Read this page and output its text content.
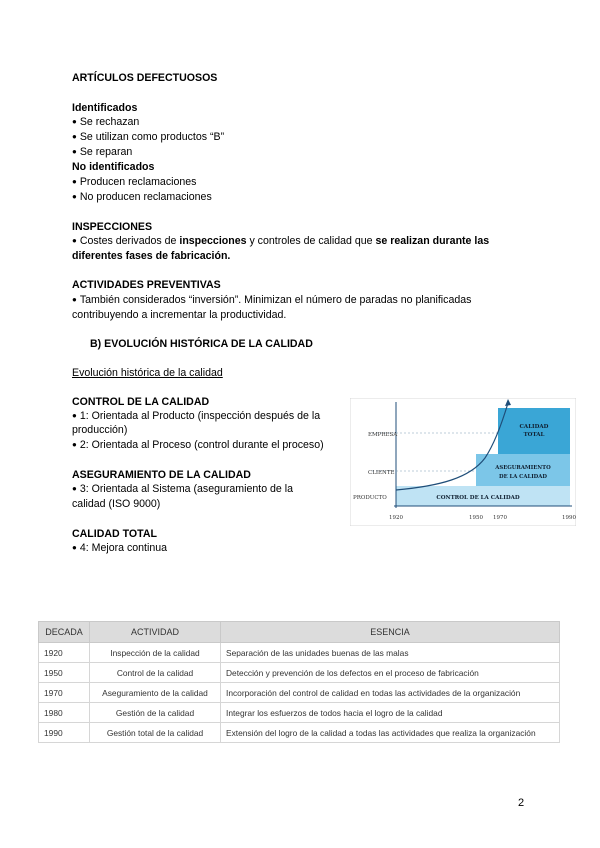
ARTÍCULOS DEFECTUOSOS
Identificados
● Se rechazan
● Se utilizan como productos “B”
● Se reparan
No identificados
● Producen reclamaciones
● No producen reclamaciones
INSPECCIONES
● Costes derivados de inspecciones y controles de calidad que se realizan durante las
diferentes fases de fabricación.
ACTIVIDADES PREVENTIVAS
● También considerados “inversión”. Minimizan el número de paradas no planificadas
contribuyendo a incrementar la productividad.
B) EVOLUCIÓN HISTÓRICA DE LA CALIDAD
Evolución histórica de la calidad
CONTROL DE LA CALIDAD
● 1: Orientada al Producto (inspección después de la
producción)
● 2: Orientada al Proceso (control durante el proceso)
ASEGURAMIENTO DE LA CALIDAD
● 3: Orientada al Sistema (aseguramiento de la
calidad (ISO 9000)
CALIDAD TOTAL
● 4: Mejora continua
EMPRESA
CLIENTE
PRODUCTO
CALIDAD
TOTAL
ASEGURAMIENTO
DE LA CALIDAD
CONTROL DE LA CALIDAD
1920	1950 1970	1990
DECADA	ACTIVIDAD	ESENCIA
1920	Inspección de la calidad	Separación de las unidades buenas de las malas
1950	Control de la calidad	Detección y prevención de los defectos en el proceso de fabricación
1970	Aseguramiento de la calidad	Incorporación del control de calidad en todas las actividades de la organización
1980	Gestión de la calidad	Integrar los esfuerzos de todos hacia el logro de la calidad
1990	Gestión total de la calidad	Extensión del logro de la calidad a todas las actividades que realiza la organización
2
